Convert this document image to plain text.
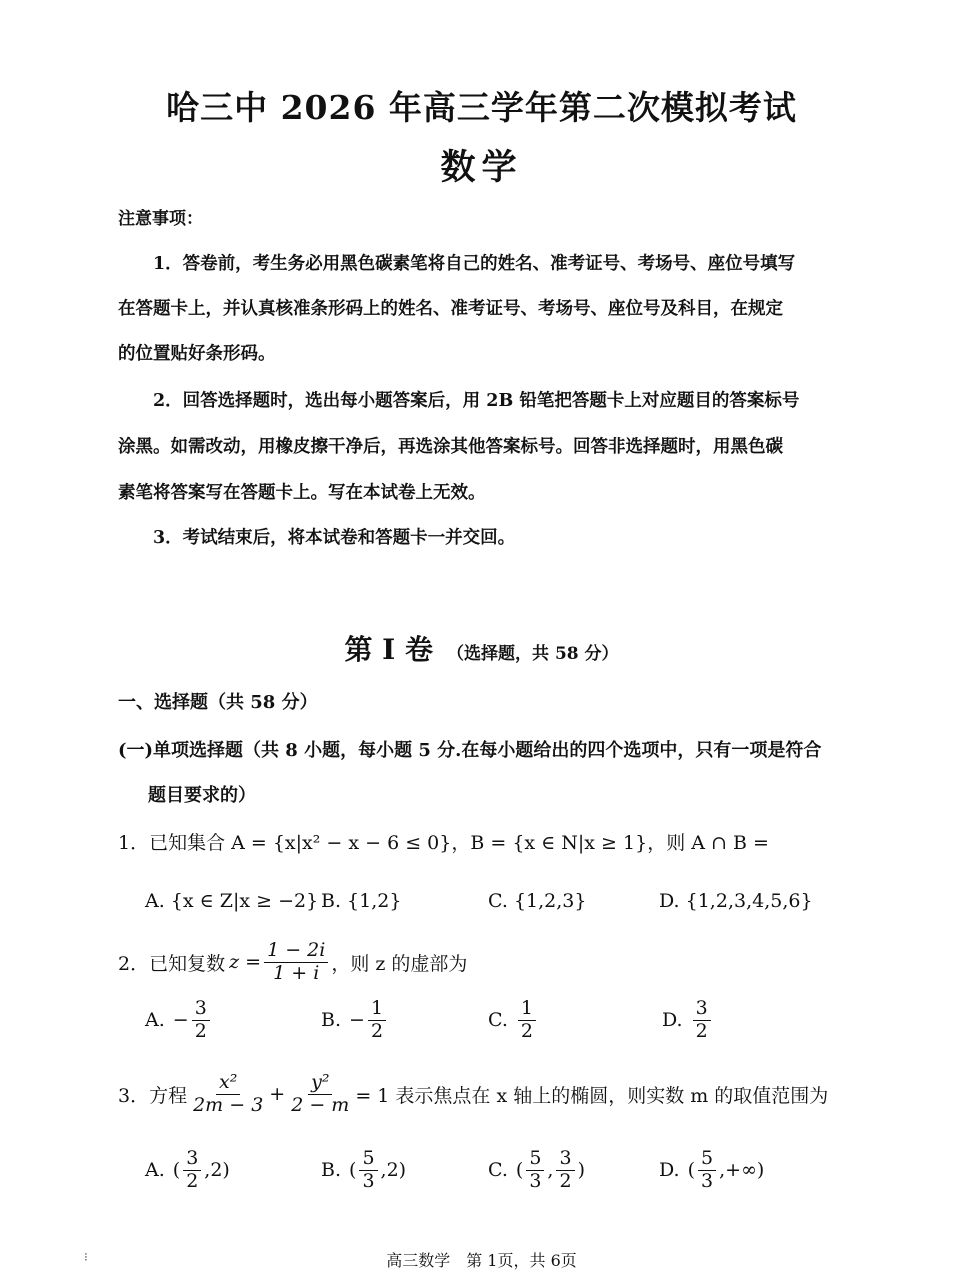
哈三中 2026 年高三学年第二次模拟考试
数学
注意事项：
1．答卷前，考生务必用黑色碳素笔将自己的姓名、准考证号、考场号、座位号填写
在答题卡上，并认真核准条形码上的姓名、准考证号、考场号、座位号及科目，在规定
的位置贴好条形码。
2．回答选择题时，选出每小题答案后，用 2B 铅笔把答题卡上对应题目的答案标号
涂黑。如需改动，用橡皮擦干净后，再选涂其他答案标号。回答非选择题时，用黑色碳
素笔将答案写在答题卡上。写在本试卷上无效。
3．考试结束后，将本试卷和答题卡一并交回。
第 I 卷 （选择题，共 58 分）
一、选择题（共 58 分）
(一)单项选择题（共 8 小题，每小题 5 分.在每小题给出的四个选项中，只有一项是符合
题目要求的）
1．已知集合 A = {x|x² − x − 6 ≤ 0}，B = {x ∈ N|x ≥ 1}，则 A ∩ B =
A. {x ∈ Z|x ≥ −2} B. {1,2}	C. {1,2,3}	D. {1,2,3,4,5,6}
2．已知复数 $z = \frac{1 - 2i}{1 + i}$ ，则 z 的虚部为
A. − $\frac{3}{2}$	B. − $\frac{1}{2}$	C. $\frac{1}{2}$	D. $\frac{3}{2}$
3．方程 $\frac{\text{x²}}{2m - 3} + \frac{\text{y²}}{2 - m} = 1$ 表示焦点在 x 轴上的椭圆，则实数 m 的取值范围为
A. ( $\frac{3}{2} ,2$)	B. ( $\frac{5}{3} ,2$)	C. ( $\frac{5}{3}$ , $\frac{3}{2}$ )	D. ( $\frac{5}{3}$ ,+∞)
⁝	高三数学　第 1页，共 6页
